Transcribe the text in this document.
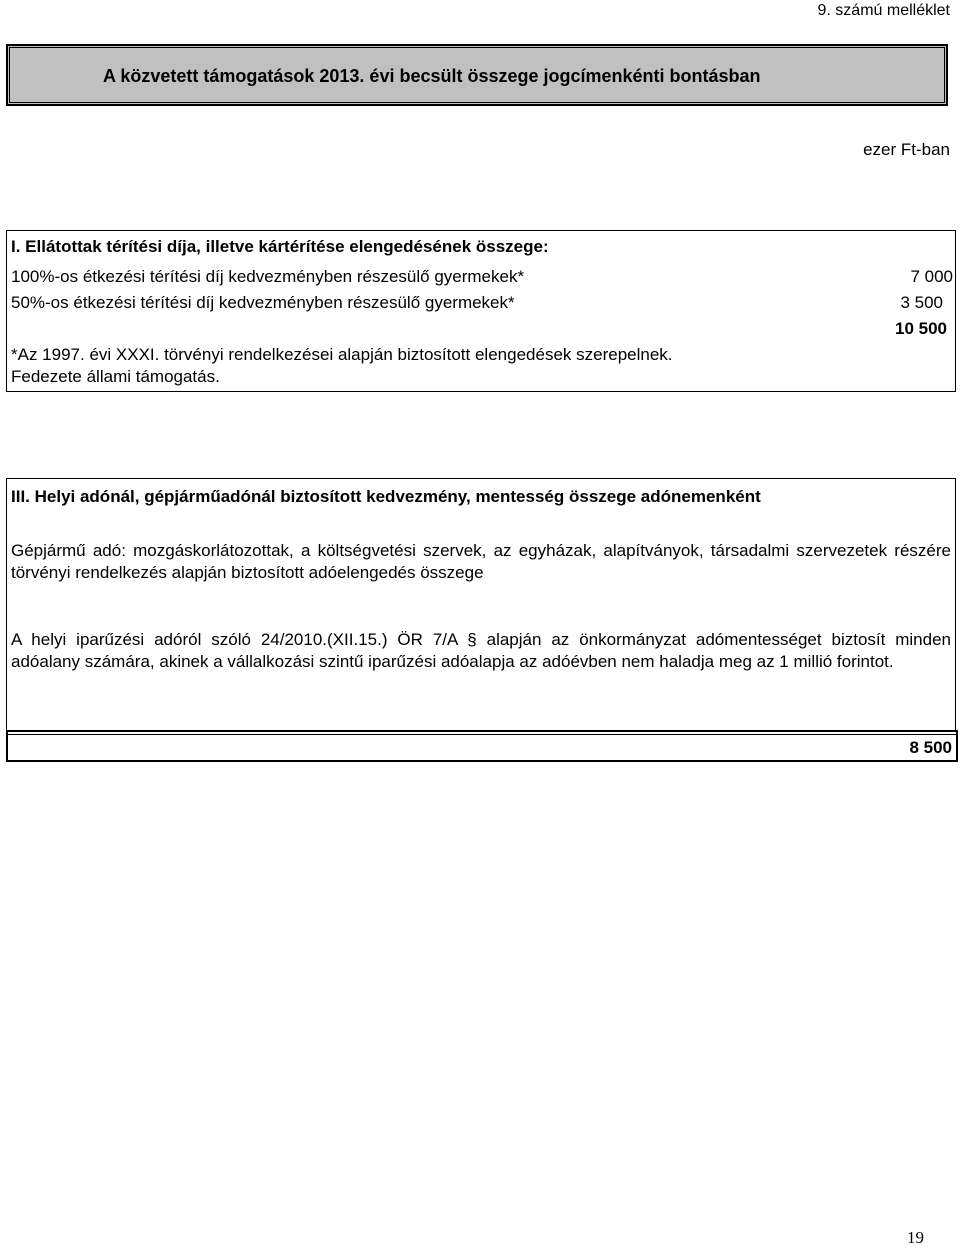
9. számú melléklet
A közvetett támogatások 2013. évi becsült összege jogcímenkénti bontásban
ezer Ft-ban
I. Ellátottak térítési díja, illetve kártérítése elengedésének összege:
100%-os étkezési térítési díj kedvezményben részesülő gyermekek*	7 000
50%-os étkezési térítési díj kedvezményben részesülő gyermekek*	3 500
10 500
*Az 1997. évi XXXI. törvényi rendelkezései alapján biztosított elengedések szerepelnek.
Fedezete állami támogatás.
III. Helyi adónál, gépjárműadónál biztosított kedvezmény, mentesség összege adónemenként
Gépjármű adó: mozgáskorlátozottak, a költségvetési szervek, az egyházak, alapítványok, társadalmi szervezetek részére törvényi rendelkezés alapján biztosított adóelengedés összege
A helyi iparűzési adóról szóló 24/2010.(XII.15.) ÖR 7/A § alapján az önkormányzat adómentességet biztosít minden adóalany számára, akinek a vállalkozási szintű iparűzési adóalapja az adóévben nem haladja meg az 1 millió forintot.
8 500
19
